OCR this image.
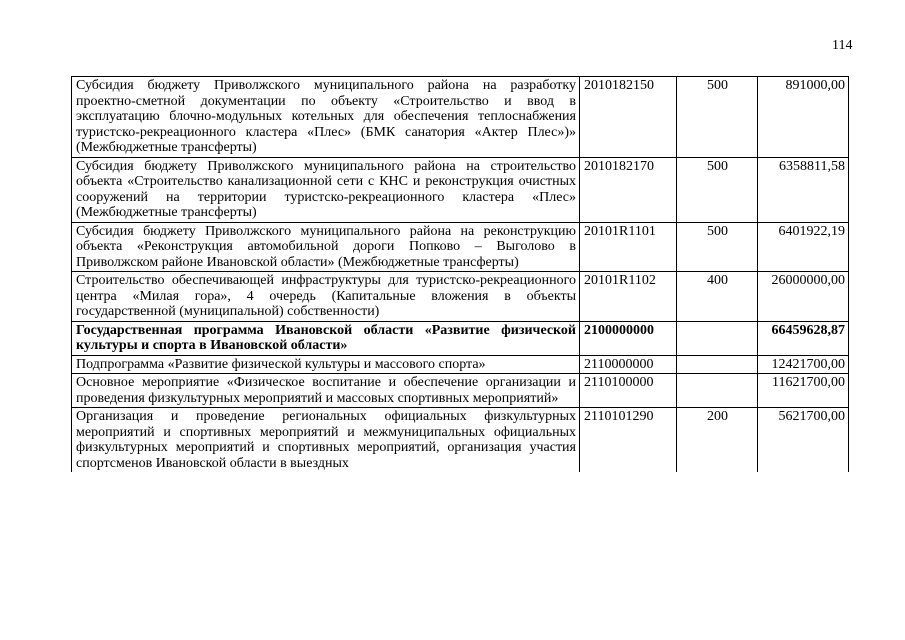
114
Субсидия бюджету Приволжского муниципального района на разработку проектно-сметной документации по объекту «Строительство и ввод в эксплуатацию блочно-модульных котельных для обеспечения теплоснабжения туристско-рекреационного кластера «Плес» (БМК санатория «Актер Плес»)» (Межбюджетные трансферты)	2010182150	500	891000,00
Субсидия бюджету Приволжского муниципального района на строительство объекта «Строительство канализационной сети с КНС и реконструкция очистных сооружений на территории туристско-рекреационного кластера «Плес» (Межбюджетные трансферты)	2010182170	500	6358811,58
Субсидия бюджету Приволжского муниципального района на реконструкцию объекта «Реконструкция автомобильной дороги Попково – Выголово в Приволжском районе Ивановской области» (Межбюджетные трансферты)	20101R1101	500	6401922,19
Строительство обеспечивающей инфраструктуры для туристско-рекреационного центра «Милая гора», 4 очередь (Капитальные вложения в объекты государственной (муниципальной) собственности)	20101R1102	400	26000000,00
Государственная программа Ивановской области «Развитие физической культуры и спорта в Ивановской области»	2100000000		66459628,87
Подпрограмма «Развитие физической культуры и массового спорта»	2110000000		12421700,00
Основное мероприятие «Физическое воспитание и обеспечение организации и проведения физкультурных мероприятий и массовых спортивных мероприятий»	2110100000		11621700,00

Организация и проведение региональных официальных физкультурных мероприятий и спортивных мероприятий и межмуниципальных официальных физкультурных мероприятий и спортивных мероприятий, организация участия спортсменов Ивановской области в выездных	2110101290	200	5621700,00
